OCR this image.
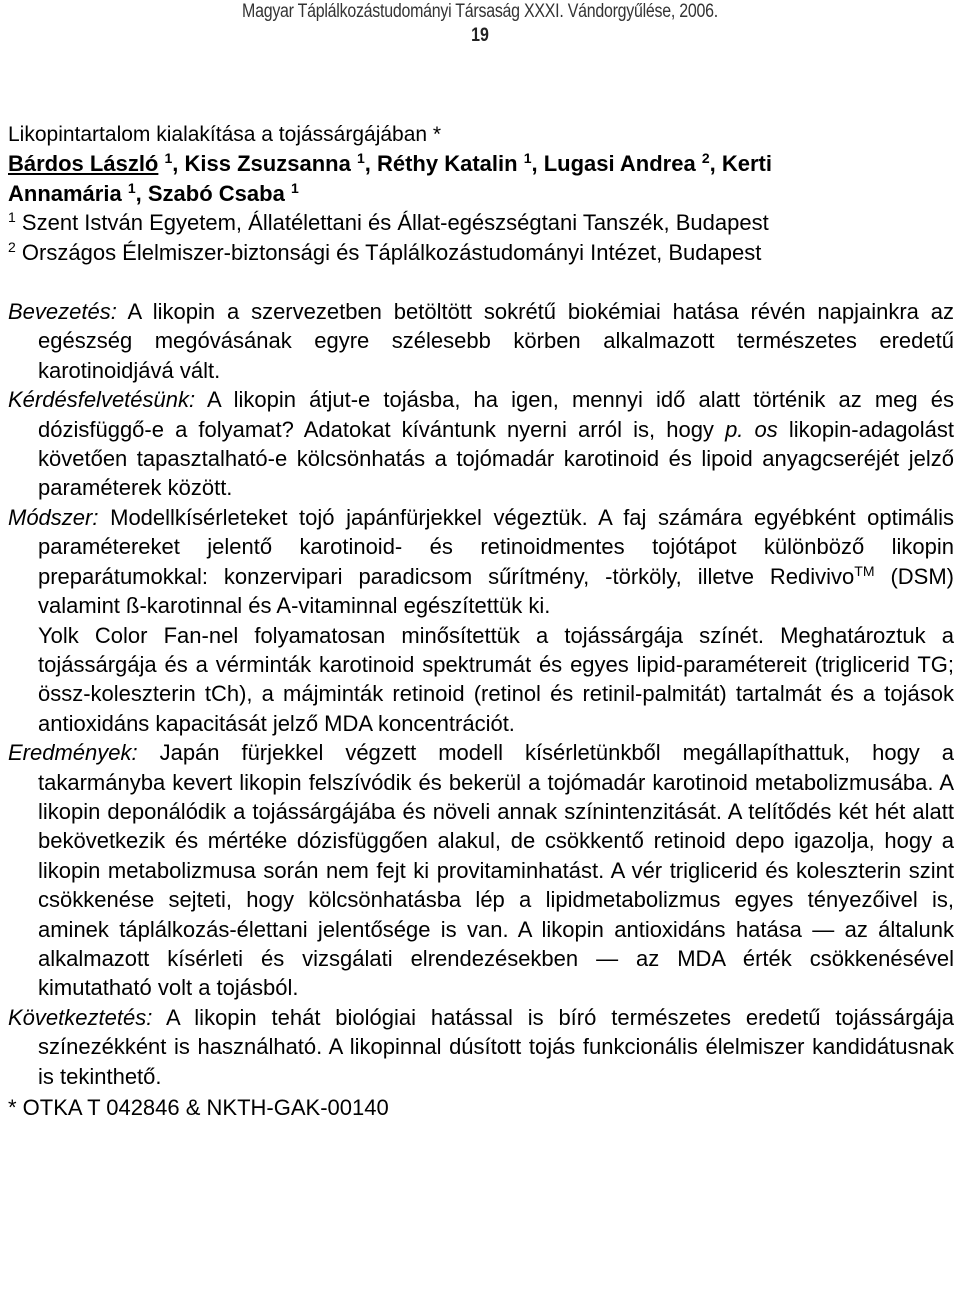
Magyar Táplálkozástudományi Társaság XXXI. Vándorgyűlése, 2006.
19
Likopintartalom kialakítása a tojássárgájában *
Bárdos László $^1$, Kiss Zsuzsanna $^1$, Réthy Katalin $^1$, Lugasi Andrea $^2$, Kerti
Annamária $^1$, Szabó Csaba $^1$
$^1$ Szent István Egyetem, Állatélettani és Állat-egészségtani Tanszék, Budapest
$^2$ Országos Élelmiszer-biztonsági és Táplálkozástudományi Intézet, Budapest
Bevezetés: A likopin a szervezetben betöltött sokrétű biokémiai hatása révén napjainkra az egészség megóvásának egyre szélesebb körben alkalmazott természetes eredetű karotinoidjává vált.
Kérdésfelvetésünk: A likopin átjut-e tojásba, ha igen, mennyi idő alatt történik az meg és dózisfüggő-e a folyamat? Adatokat kívántunk nyerni arról is, hogy p. os likopin-adagolást követően tapasztalható-e kölcsönhatás a tojómadár karotinoid és lipoid anyagcseréjét jelző paraméterek között.
Módszer: Modellkísérleteket tojó japánfürjekkel végeztük. A faj számára egyébként optimális paramétereket jelentő karotinoid- és retinoidmentes tojótápot különböző likopin preparátumokkal: konzervipari paradicsom sűrítmény, -törköly, illetve Redivivo™ (DSM) valamint ß-karotinnal és A-vitaminnal egészítettük ki.
Yolk Color Fan-nel folyamatosan minősítettük a tojássárgája színét. Meghatároztuk a tojássárgája és a vérminták karotinoid spektrumát és egyes lipid-paramétereit (triglicerid TG; össz-koleszterin tCh), a májminták retinoid (retinol és retinil-palmitát) tartalmát és a tojások antioxidáns kapacitását jelző MDA koncentrációt.
Eredmények: Japán fürjekkel végzett modell kísérletünkből megállapíthattuk, hogy a takarmányba kevert likopin felszívódik és bekerül a tojómadár karotinoid metabolizmusába. A likopin deponálódik a tojássárgájába és növeli annak színintenzitását. A telítődés két hét alatt bekövetkezik és mértéke dózisfüggően alakul, de csökkentő retinoid depo igazolja, hogy a likopin metabolizmusa során nem fejt ki provitaminhatást. A vér triglicerid és koleszterin szint csökkenése sejteti, hogy kölcsönhatásba lép a lipidmetabolizmus egyes tényezőivel is, aminek táplálkozás-élettani jelentősége is van. A likopin antioxidáns hatása — az általunk alkalmazott kísérleti és vizsgálati elrendezésekben — az MDA érték csökkenésével kimutatható volt a tojásból.
Következtetés: A likopin tehát biológiai hatással is bíró természetes eredetű tojássárgája színezékként is használható. A likopinnal dúsított tojás funkcionális élelmiszer kandidátusnak is tekinthető.
* OTKA T 042846 & NKTH-GAK-00140
